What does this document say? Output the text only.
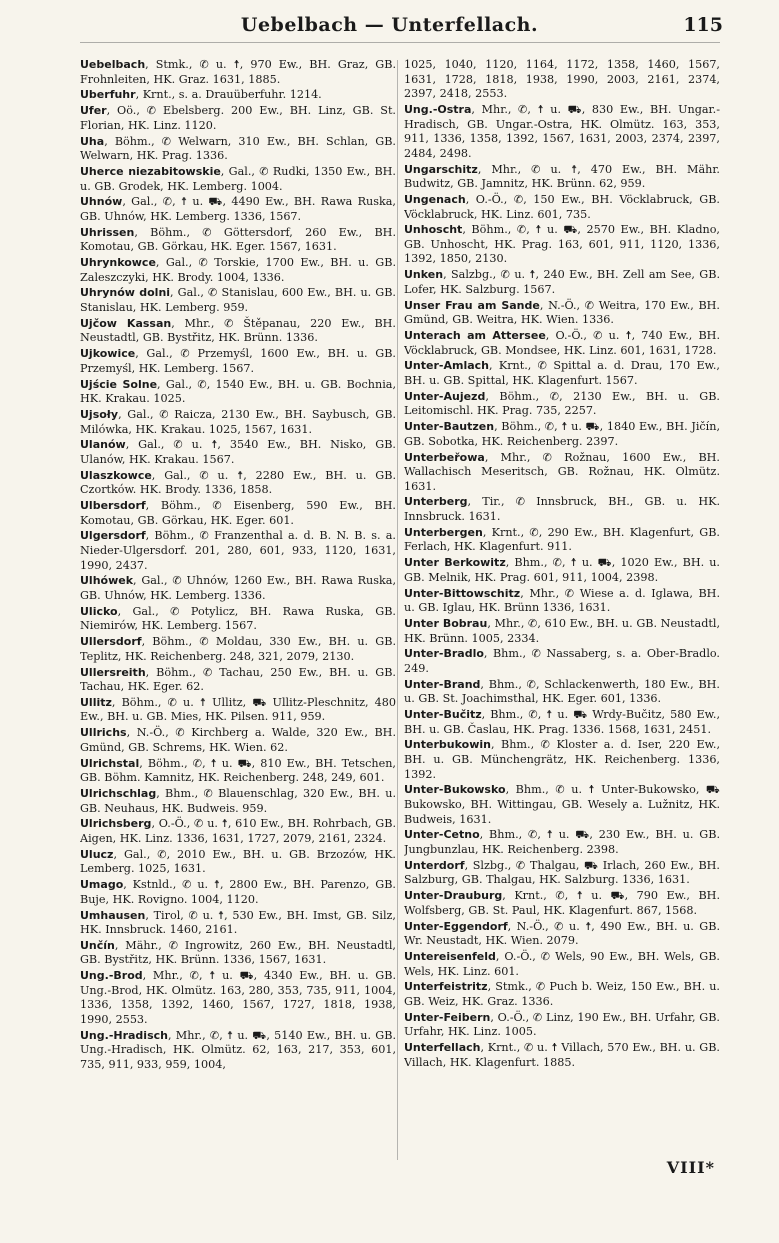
Uebelbach — Unterfellach.	115

Uebelbach, Stmk., ✆ u. ☨, 970 Ew., BH. Graz, GB. Frohnleiten, HK. Graz. 1631, 1885.

Uberfuhr, Krnt., s. a. Drauüberfuhr. 1214.

Ufer, Oö., ✆ Ebelsberg. 200 Ew., BH. Linz, GB. St. Florian, HK. Linz. 1120.

Uha, Böhm., ✆ Welwarn, 310 Ew., BH. Schlan, GB. Welwarn, HK. Prag. 1336.

Uherce niezabitowskie, Gal., ✆ Rudki, 1350 Ew., BH. u. GB. Grodek, HK. Lemberg. 1004.

Uhnów, Gal., ✆, ☨ u. ⛟, 4490 Ew., BH. Rawa Ruska, GB. Uhnów, HK. Lemberg. 1336, 1567.

Uhrissen, Böhm., ✆ Göttersdorf, 260 Ew., BH. Komotau, GB. Görkau, HK. Eger. 1567, 1631.

Uhrynkowce, Gal., ✆ Torskie, 1700 Ew., BH. u. GB. Zaleszczyki, HK. Brody. 1004, 1336.

Uhrynów dolni, Gal., ✆ Stanislau, 600 Ew., BH. u. GB. Stanislau, HK. Lemberg. 959.

Ujčow Kassan, Mhr., ✆ Štěpanau, 220 Ew., BH. Neustadtl, GB. Bystřitz, HK. Brünn. 1336.

Ujkowice, Gal., ✆ Przemyśl, 1600 Ew., BH. u. GB. Przemyśl, HK. Lemberg. 1567.

Ujście Solne, Gal., ✆, 1540 Ew., BH. u. GB. Bochnia, HK. Krakau. 1025.

Ujsoły, Gal., ✆ Raicza, 2130 Ew., BH. Saybusch, GB. Milówka, HK. Krakau. 1025, 1567, 1631.

Ulanów, Gal., ✆ u. ☨, 3540 Ew., BH. Nisko, GB. Ulanów, HK. Krakau. 1567.

Ulaszkowce, Gal., ✆ u. ☨, 2280 Ew., BH. u. GB. Czortków. HK. Brody. 1336, 1858.

Ulbersdorf, Böhm., ✆ Eisenberg, 590 Ew., BH. Komotau, GB. Görkau, HK. Eger. 601.

Ulgersdorf, Böhm., ✆ Franzenthal a. d. B. N. B. s. a. Nieder-Ulgersdorf. 201, 280, 601, 933, 1120, 1631, 1990, 2437.

Ulhówek, Gal., ✆ Uhnów, 1260 Ew., BH. Rawa Ruska, GB. Uhnów, HK. Lemberg. 1336.

Ulicko, Gal., ✆ Potylicz, BH. Rawa Ruska, GB. Niemirów, HK. Lemberg. 1567.

Ullersdorf, Böhm., ✆ Moldau, 330 Ew., BH. u. GB. Teplitz, HK. Reichenberg. 248, 321, 2079, 2130.

Ullersreith, Böhm., ✆ Tachau, 250 Ew., BH. u. GB. Tachau, HK. Eger. 62.

Ullitz, Böhm., ✆ u. ☨ Ullitz, ⛟ Ullitz-Pleschnitz, 480 Ew., BH. u. GB. Mies, HK. Pilsen. 911, 959.

Ullrichs, N.-Ö., ✆ Kirchberg a. Walde, 320 Ew., BH. Gmünd, GB. Schrems, HK. Wien. 62.

Ulrichstal, Böhm., ✆, ☨ u. ⛟, 810 Ew., BH. Tetschen, GB. Böhm. Kamnitz, HK. Reichenberg. 248, 249, 601.

Ulrichschlag, Bhm., ✆ Blauenschlag, 320 Ew., BH. u. GB. Neuhaus, HK. Budweis. 959.

Ulrichsberg, O.-Ö., ✆ u. ☨, 610 Ew., BH. Rohrbach, GB. Aigen, HK. Linz. 1336, 1631, 1727, 2079, 2161, 2324.

Ulucz, Gal., ✆, 2010 Ew., BH. u. GB. Brzozów, HK. Lemberg. 1025, 1631.

Umago, Kstnld., ✆ u. ☨, 2800 Ew., BH. Parenzo, GB. Buje, HK. Rovigno. 1004, 1120.

Umhausen, Tirol, ✆ u. ☨, 530 Ew., BH. Imst, GB. Silz, HK. Innsbruck. 1460, 2161.

Unčín, Mähr., ✆ Ingrowitz, 260 Ew., BH. Neustadtl, GB. Bystřitz, HK. Brünn. 1336, 1567, 1631.

Ung.-Brod, Mhr., ✆, ☨ u. ⛟, 4340 Ew., BH. u. GB. Ung.-Brod, HK. Olmütz. 163, 280, 353, 735, 911, 1004, 1336, 1358, 1392, 1460, 1567, 1727, 1818, 1938, 1990, 2553.

Ung.-Hradisch, Mhr., ✆, ☨ u. ⛟, 5140 Ew., BH. u. GB. Ung.-Hradisch, HK. Olmütz. 62, 163, 217, 353, 601, 735, 911, 933, 959, 1004,

1025, 1040, 1120, 1164, 1172, 1358, 1460, 1567, 1631, 1728, 1818, 1938, 1990, 2003, 2161, 2374, 2397, 2418, 2553.

Ung.-Ostra, Mhr., ✆, ☨ u. ⛟, 830 Ew., BH. Ungar.-Hradisch, GB. Ungar.-Ostra, HK. Olmütz. 163, 353, 911, 1336, 1358, 1392, 1567, 1631, 2003, 2374, 2397, 2484, 2498.

Ungarschitz, Mhr., ✆ u. ☨, 470 Ew., BH. Mähr. Budwitz, GB. Jamnitz, HK. Brünn. 62, 959.

Ungenach, O.-Ö., ✆, 150 Ew., BH. Vöcklabruck, GB. Vöcklabruck, HK. Linz. 601, 735.

Unhoscht, Böhm., ✆, ☨ u. ⛟, 2570 Ew., BH. Kladno, GB. Unhoscht, HK. Prag. 163, 601, 911, 1120, 1336, 1392, 1850, 2130.

Unken, Salzbg., ✆ u. ☨, 240 Ew., BH. Zell am See, GB. Lofer, HK. Salzburg. 1567.

Unser Frau am Sande, N.-Ö., ✆ Weitra, 170 Ew., BH. Gmünd, GB. Weitra, HK. Wien. 1336.

Unterach am Attersee, O.-Ö., ✆ u. ☨, 740 Ew., BH. Vöcklabruck, GB. Mondsee, HK. Linz. 601, 1631, 1728.

Unter-Amlach, Krnt., ✆ Spittal a. d. Drau, 170 Ew., BH. u. GB. Spittal, HK. Klagenfurt. 1567.

Unter-Aujezd, Böhm., ✆, 2130 Ew., BH. u. GB. Leitomischl. HK. Prag. 735, 2257.

Unter-Bautzen, Böhm., ✆, ☨ u. ⛟, 1840 Ew., BH. Jičín, GB. Sobotka, HK. Reichenberg. 2397.

Unterbeřowa, Mhr., ✆ Rožnau, 1600 Ew., BH. Wallachisch Meseritsch, GB. Rožnau, HK. Olmütz. 1631.

Unterberg, Tir., ✆ Innsbruck, BH., GB. u. HK. Innsbruck. 1631.

Unterbergen, Krnt., ✆, 290 Ew., BH. Klagenfurt, GB. Ferlach, HK. Klagenfurt. 911.

Unter Berkowitz, Bhm., ✆, ☨ u. ⛟, 1020 Ew., BH. u. GB. Melnik, HK. Prag. 601, 911, 1004, 2398.

Unter-Bittowschitz, Mhr., ✆ Wiese a. d. Iglawa, BH. u. GB. Iglau, HK. Brünn 1336, 1631.

Unter Bobrau, Mhr., ✆, 610 Ew., BH. u. GB. Neustadtl, HK. Brünn. 1005, 2334.

Unter-Bradlo, Bhm., ✆ Nassaberg, s. a. Ober-Bradlo. 249.

Unter-Brand, Bhm., ✆, Schlackenwerth, 180 Ew., BH. u. GB. St. Joachimsthal, HK. Eger. 601, 1336.

Unter-Bučitz, Bhm., ✆, ☨ u. ⛟ Wrdy-Bučitz, 580 Ew., BH. u. GB. Časlau, HK. Prag. 1336. 1568, 1631, 2451.

Unterbukowin, Bhm., ✆ Kloster a. d. Iser, 220 Ew., BH. u. GB. Münchengrätz, HK. Reichenberg. 1336, 1392.

Unter-Bukowsko, Bhm., ✆ u. ☨ Unter-Bukowsko, ⛟ Bukowsko, BH. Wittingau, GB. Wesely a. Lužnitz, HK. Budweis, 1631.

Unter-Cetno, Bhm., ✆, ☨ u. ⛟, 230 Ew., BH. u. GB. Jungbunzlau, HK. Reichenberg. 2398.

Unterdorf, Slzbg., ✆ Thalgau, ⛟ Irlach, 260 Ew., BH. Salzburg, GB. Thalgau, HK. Salzburg. 1336, 1631.

Unter-Drauburg, Krnt., ✆, ☨ u. ⛟, 790 Ew., BH. Wolfsberg, GB. St. Paul, HK. Klagenfurt. 867, 1568.

Unter-Eggendorf, N.-Ö., ✆ u. ☨, 490 Ew., BH. u. GB. Wr. Neustadt, HK. Wien. 2079.

Untereisenfeld, O.-Ö., ✆ Wels, 90 Ew., BH. Wels, GB. Wels, HK. Linz. 601.

Unterfeistritz, Stmk., ✆ Puch b. Weiz, 150 Ew., BH. u. GB. Weiz, HK. Graz. 1336.

Unter-Feibern, O.-Ö., ✆ Linz, 190 Ew., BH. Urfahr, GB. Urfahr, HK. Linz. 1005.

Unterfellach, Krnt., ✆ u. ☨ Villach, 570 Ew., BH. u. GB. Villach, HK. Klagenfurt. 1885.

VIII*
